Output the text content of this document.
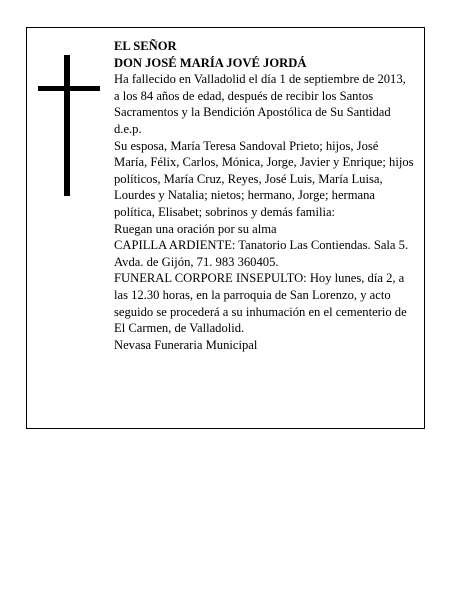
EL SEÑOR

DON JOSÉ MARÍA JOVÉ JORDÁ

Ha fallecido en Valladolid el día 1 de septiembre de 2013, a los 84 años de edad, después de recibir los Santos Sacramentos y la Bendición Apostólica de Su Santidad

d.e.p.

Su esposa, María Teresa Sandoval Prieto; hijos, José María, Félix, Carlos, Mónica, Jorge, Javier y Enrique; hijos políticos, María Cruz, Reyes, José Luis, María Luisa, Lourdes y Natalia; nietos; hermano, Jorge; hermana política, Elisabet; sobrinos y demás familia:

Ruegan una oración por su alma

CAPILLA ARDIENTE: Tanatorio Las Contiendas. Sala 5. Avda. de Gijón, 71. 983 360405.

FUNERAL CORPORE INSEPULTO: Hoy lunes, día 2, a las 12.30 horas, en la parroquia de San Lorenzo, y acto seguido se procederá a su inhumación en el cementerio de El Carmen, de Valladolid.

Nevasa Funeraria Municipal
